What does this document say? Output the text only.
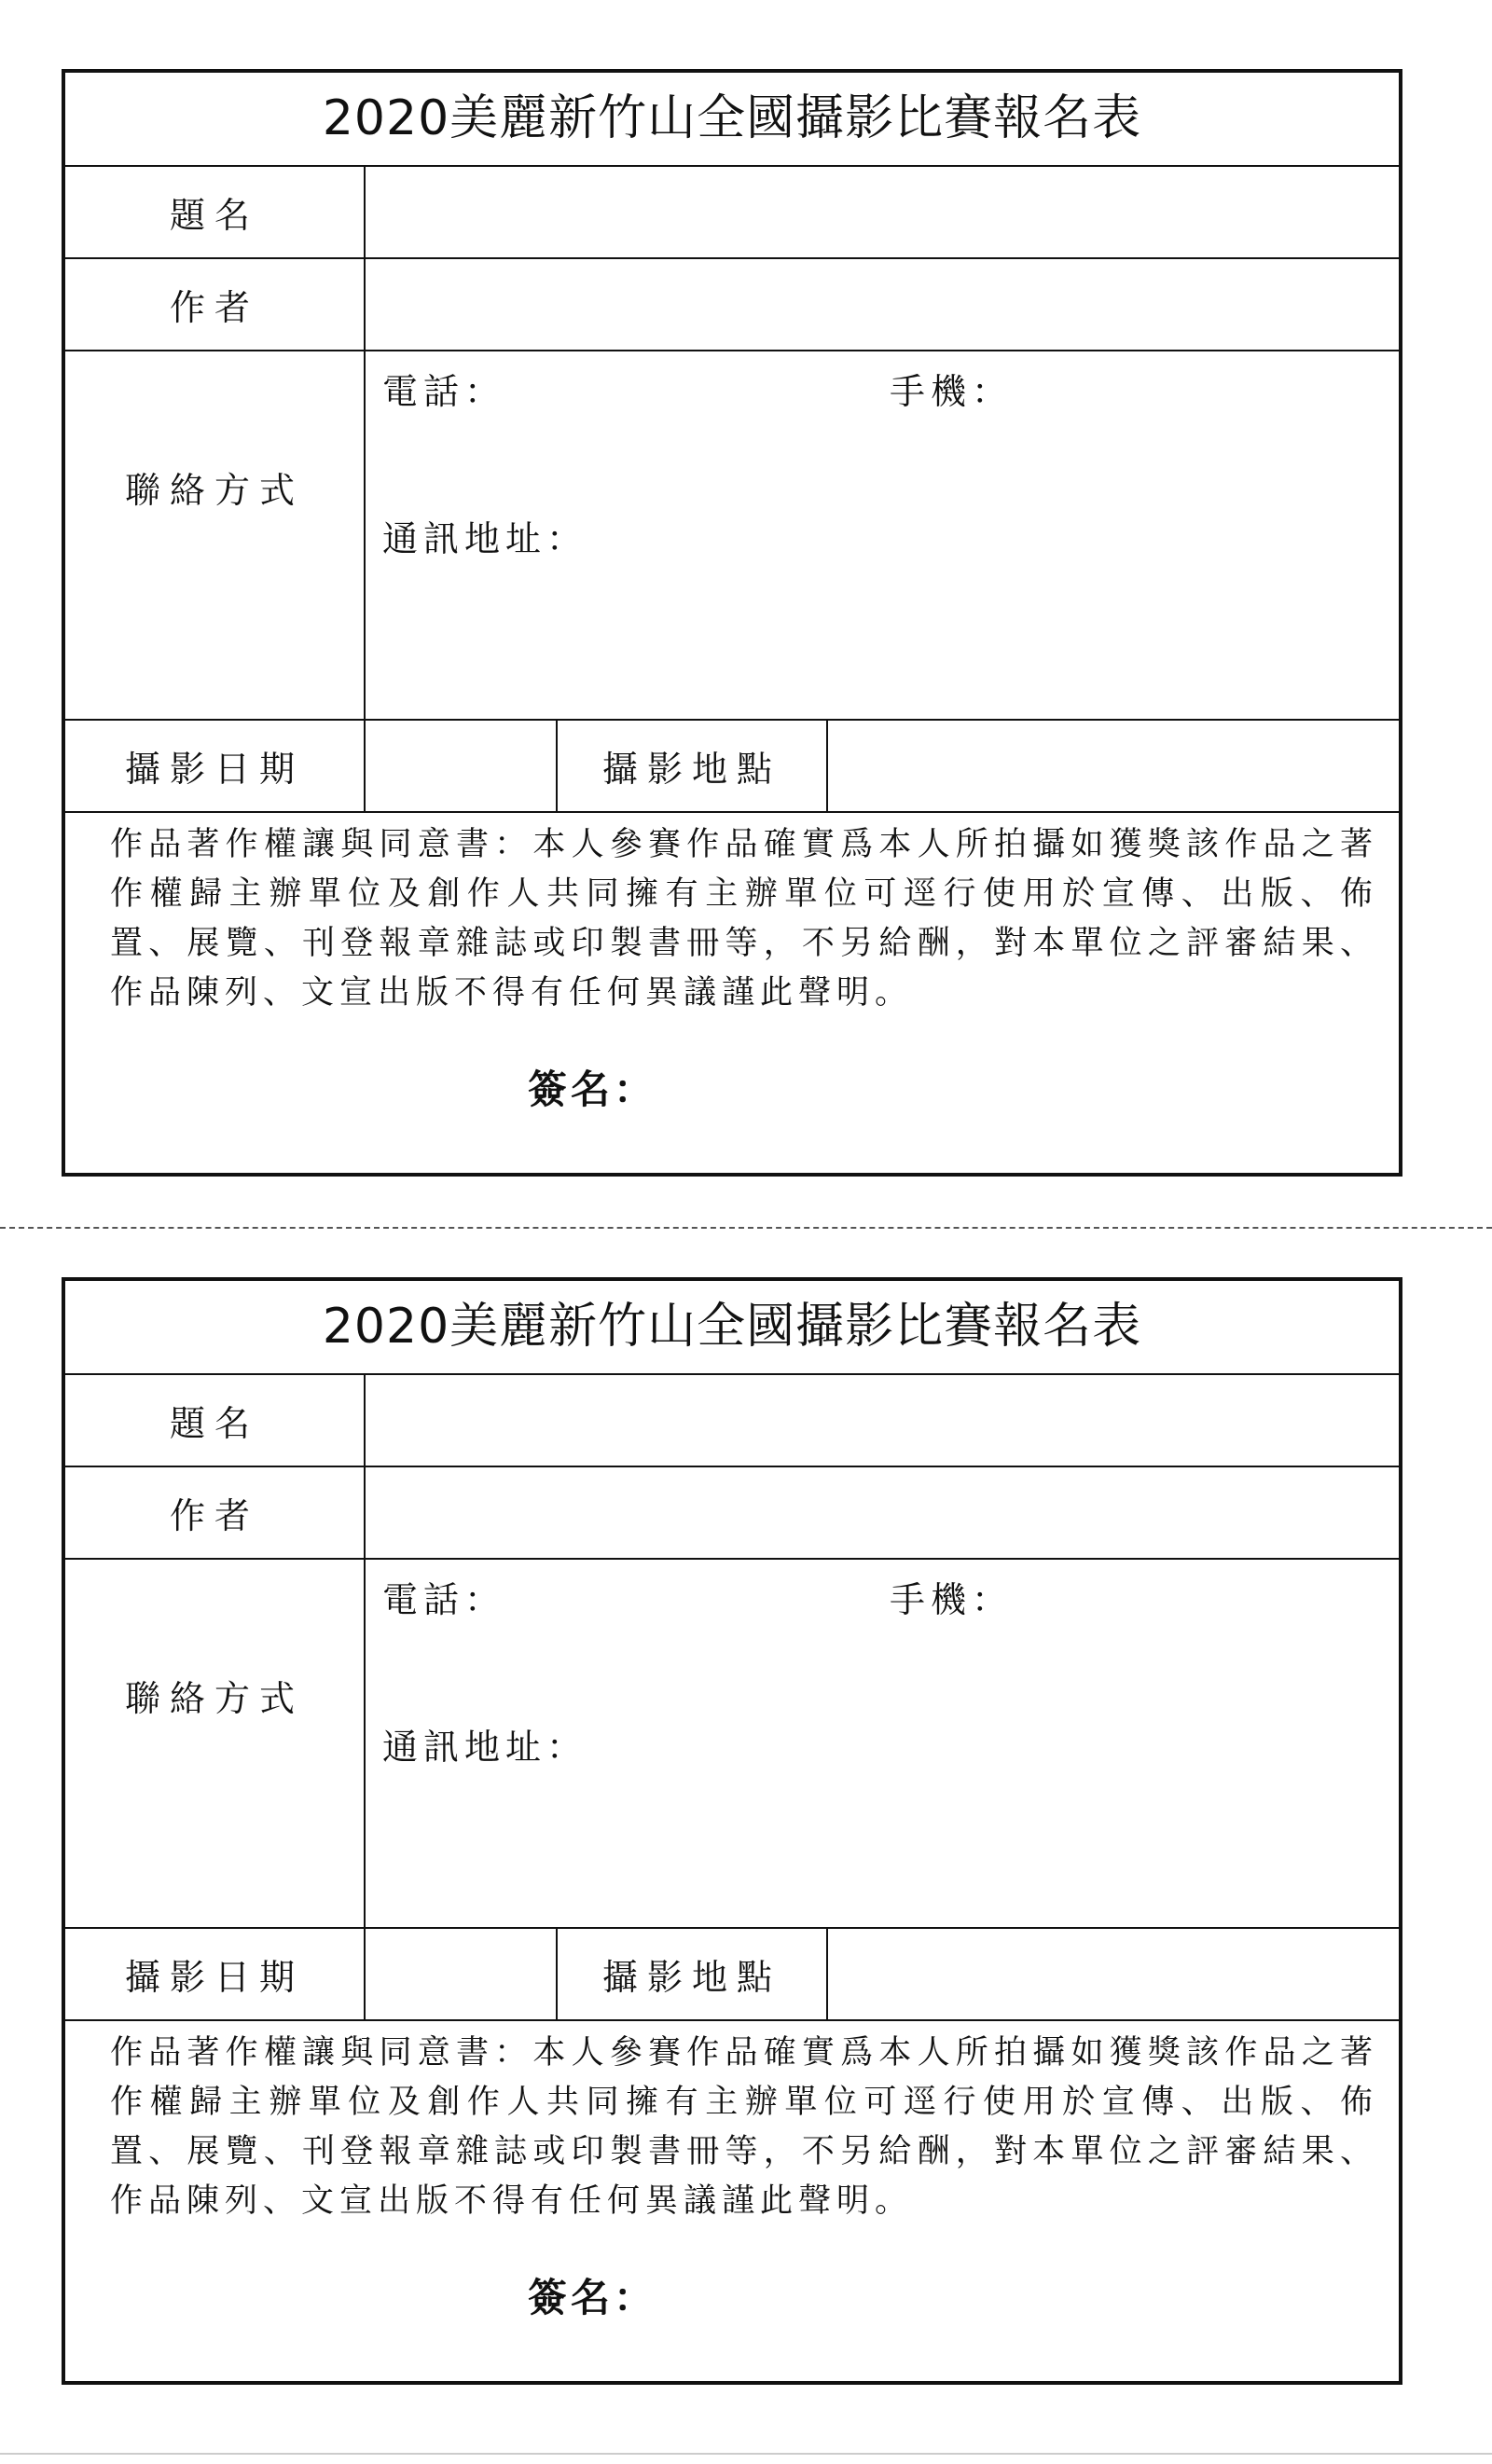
2020美麗新竹山全國攝影比賽報名表
題名
作者
聯絡方式
電話：	手機：
通訊地址：
攝影日期	攝影地點
作品著作權讓與同意書：本人參賽作品確實爲本人所拍攝如獲獎該作品之著作權歸主辦單位及創作人共同擁有主辦單位可逕行使用於宣傳、出版、佈置、展覽、刊登報章雜誌或印製書冊等，不另給酬，對本單位之評審結果、作品陳列、文宣出版不得有任何異議謹此聲明。
簽名：
2020美麗新竹山全國攝影比賽報名表
題名
作者
聯絡方式
電話：	手機：
通訊地址：
攝影日期	攝影地點
作品著作權讓與同意書：本人參賽作品確實爲本人所拍攝如獲獎該作品之著作權歸主辦單位及創作人共同擁有主辦單位可逕行使用於宣傳、出版、佈置、展覽、刊登報章雜誌或印製書冊等，不另給酬，對本單位之評審結果、作品陳列、文宣出版不得有任何異議謹此聲明。
簽名：
